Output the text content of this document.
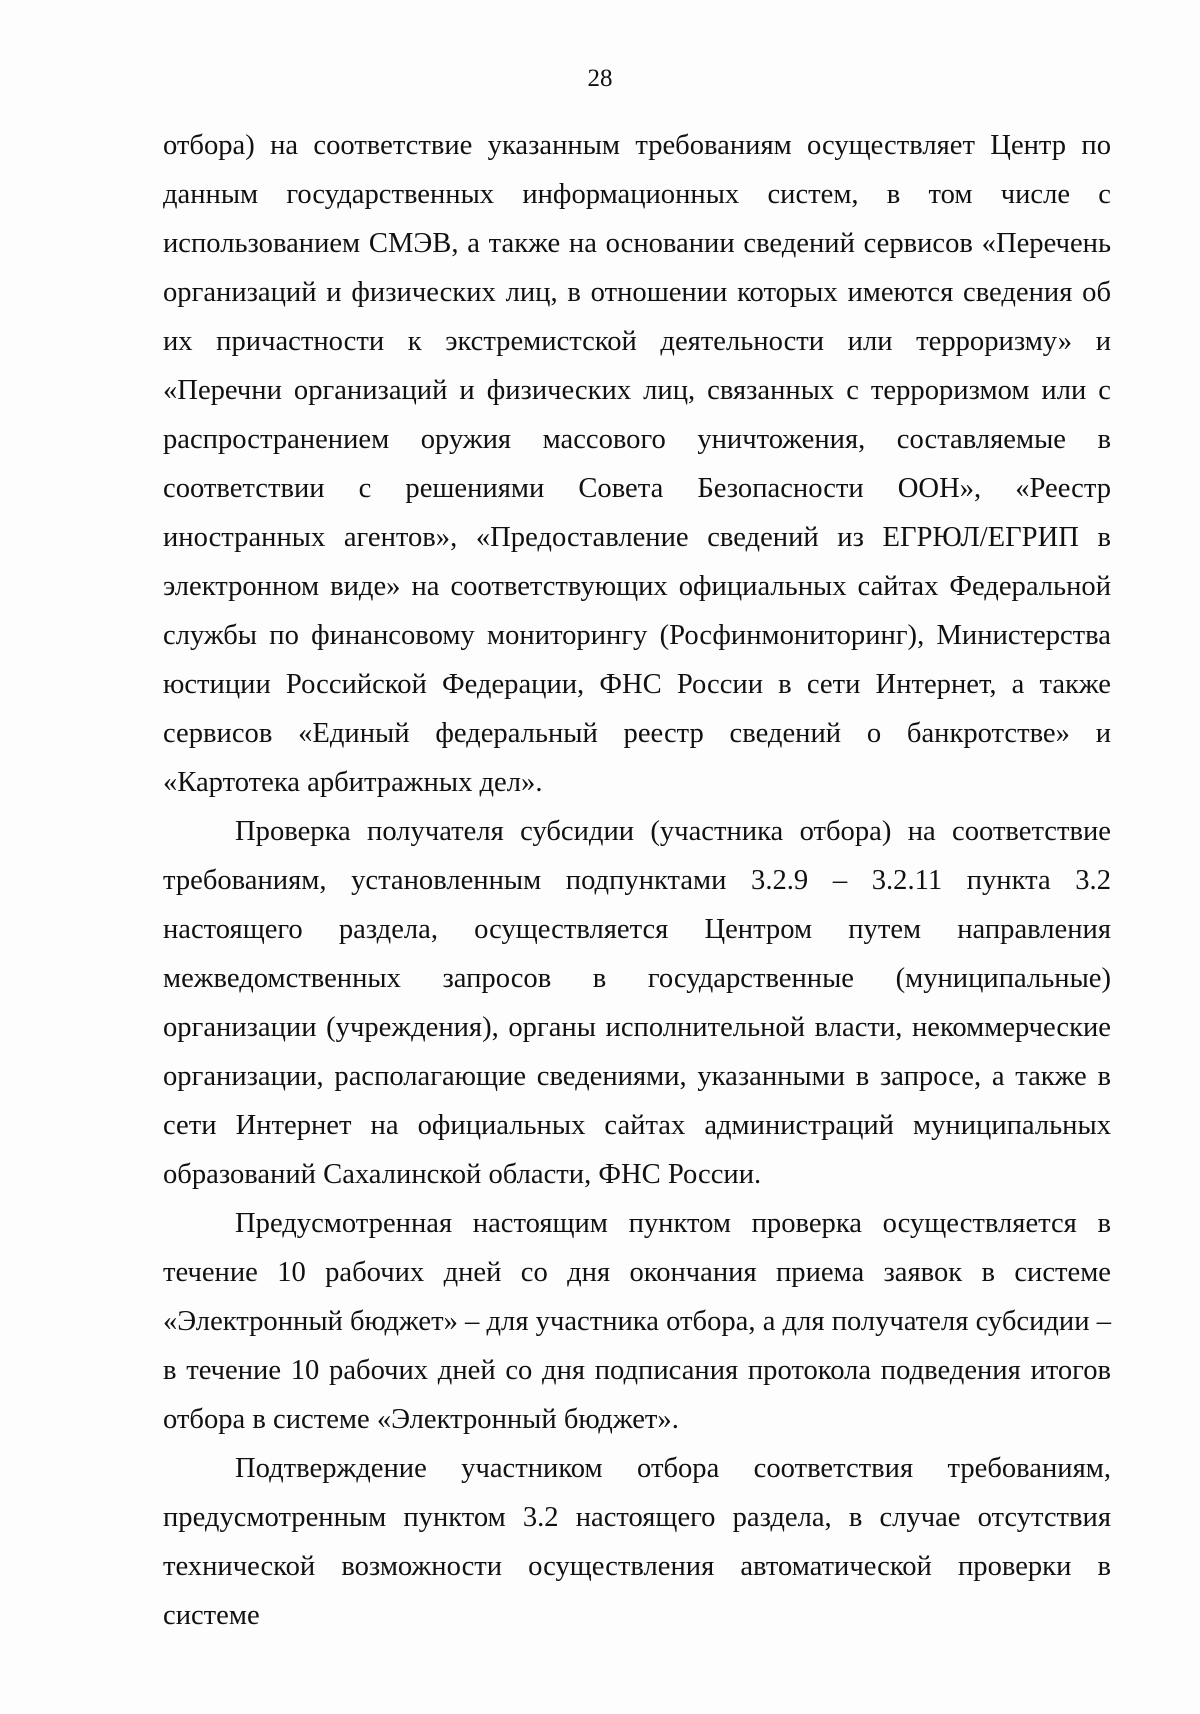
28

отбора) на соответствие указанным требованиям осуществляет Центр по данным государственных информационных систем, в том числе с использованием СМЭВ, а также на основании сведений сервисов «Перечень организаций и физических лиц, в отношении которых имеются сведения об их причастности к экстремистской деятельности или терроризму» и «Перечни организаций и физических лиц, связанных с терроризмом или с распространением оружия массового уничтожения, составляемые в соответствии с решениями Совета Безопасности ООН», «Реестр иностранных агентов», «Предоставление сведений из ЕГРЮЛ/ЕГРИП в электронном виде» на соответствующих официальных сайтах Федеральной службы по финансовому мониторингу (Росфинмониторинг), Министерства юстиции Российской Федерации, ФНС России в сети Интернет, а также сервисов «Единый федеральный реестр сведений о банкротстве» и «Картотека арбитражных дел».

Проверка получателя субсидии (участника отбора) на соответствие требованиям, установленным подпунктами 3.2.9 – 3.2.11 пункта 3.2 настоящего раздела, осуществляется Центром путем направления межведомственных запросов в государственные (муниципальные) организации (учреждения), органы исполнительной власти, некоммерческие организации, располагающие сведениями, указанными в запросе, а также в сети Интернет на официальных сайтах администраций муниципальных образований Сахалинской области, ФНС России.

Предусмотренная настоящим пунктом проверка осуществляется в течение 10 рабочих дней со дня окончания приема заявок в системе «Электронный бюджет» – для участника отбора, а для получателя субсидии – в течение 10 рабочих дней со дня подписания протокола подведения итогов отбора в системе «Электронный бюджет».

Подтверждение участником отбора соответствия требованиям, предусмотренным пунктом 3.2 настоящего раздела, в случае отсутствия технической возможности осуществления автоматической проверки в системе
